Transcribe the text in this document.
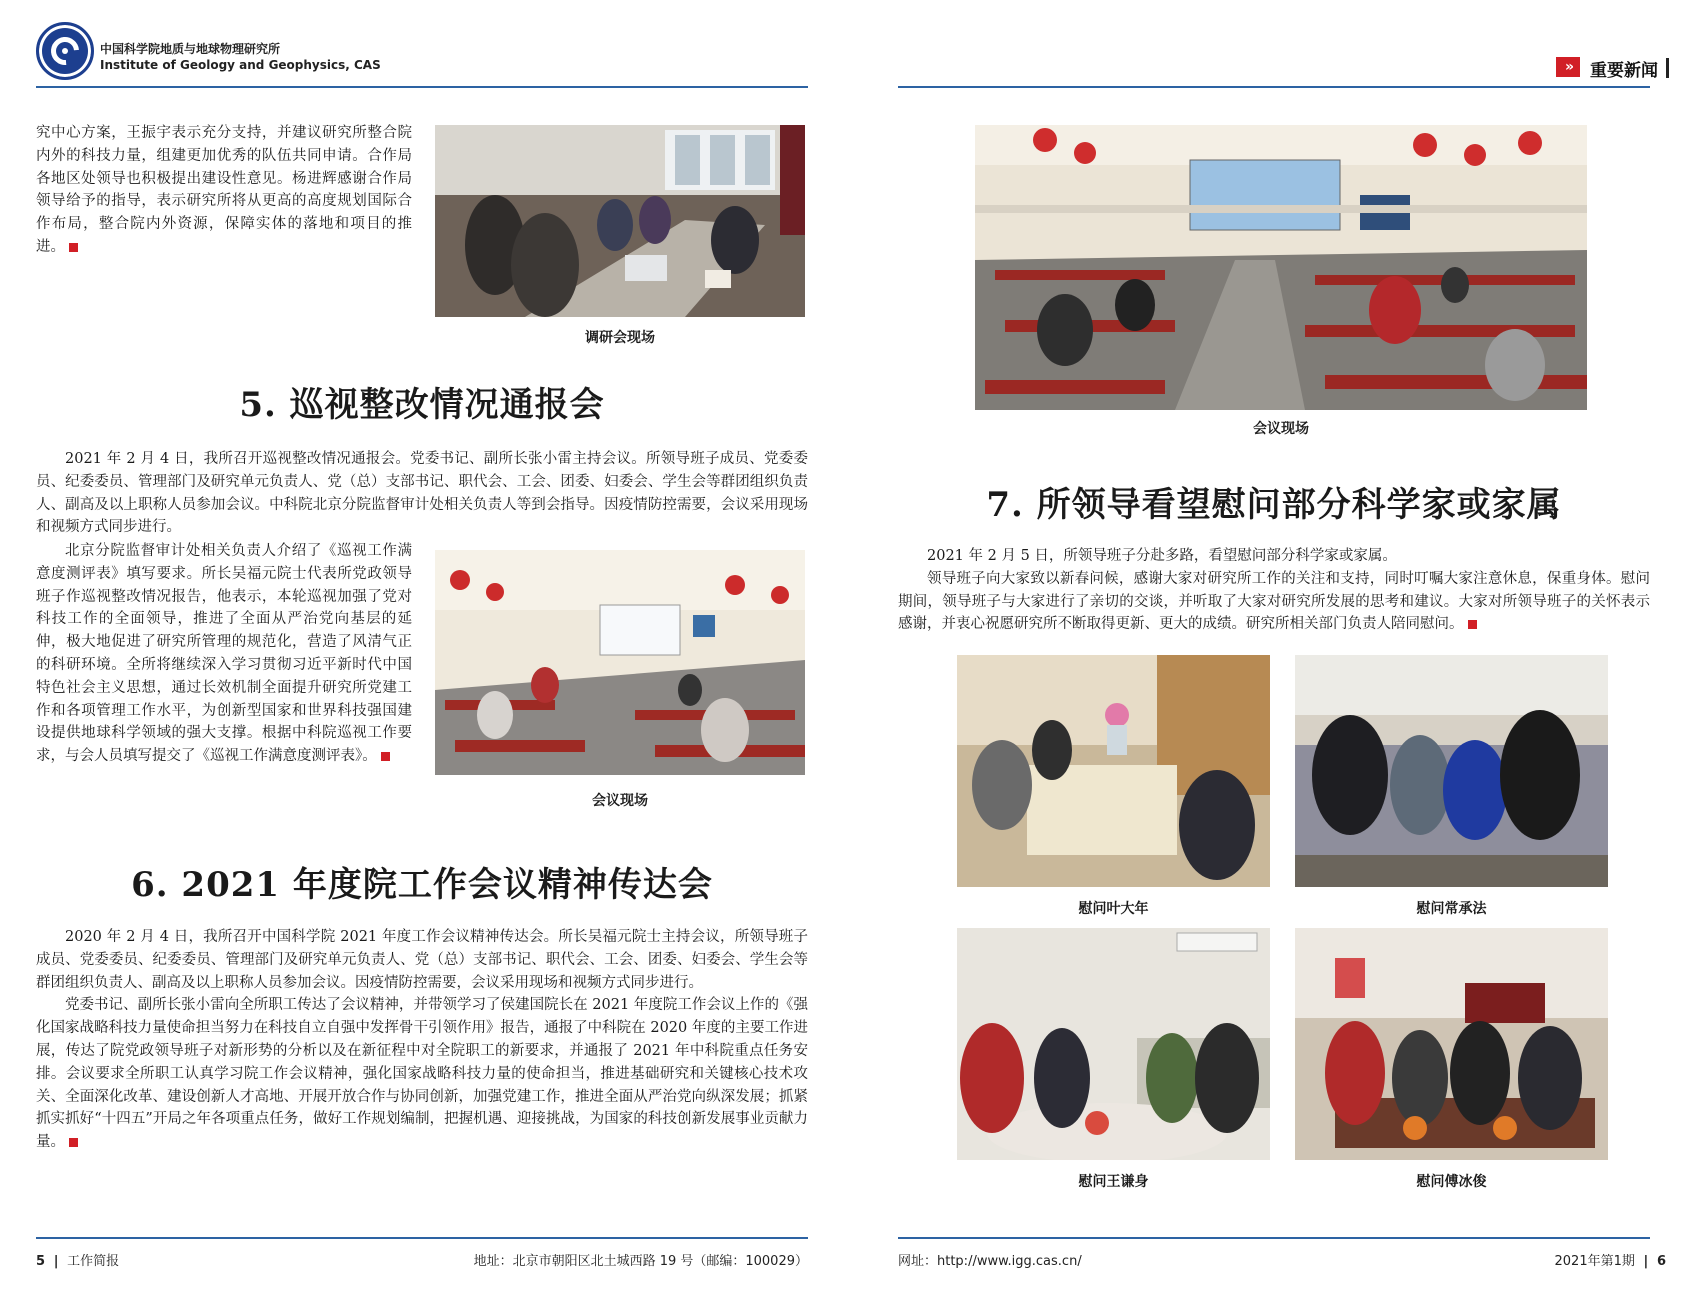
中国科学院地质与地球物理研究所
Institute of Geology and Geophysics, CAS

究中心方案，王振宇表示充分支持，并建议研究所整合院内外的科技力量，组建更加优秀的队伍共同申请。合作局各地区处领导也积极提出建设性意见。杨进辉感谢合作局领导给予的指导，表示研究所将从更高的高度规划国际合作布局，整合院内外资源，保障实体的落地和项目的推进。

调研会现场
5. 巡视整改情况通报会

2021 年 2 月 4 日，我所召开巡视整改情况通报会。党委书记、副所长张小雷主持会议。所领导班子成员、党委委员、纪委委员、管理部门及研究单元负责人、党（总）支部书记、职代会、工会、团委、妇委会、学生会等群团组织负责人、副高及以上职称人员参加会议。中科院北京分院监督审计处相关负责人等到会指导。因疫情防控需要，会议采用现场和视频方式同步进行。

北京分院监督审计处相关负责人介绍了《巡视工作满意度测评表》填写要求。所长吴福元院士代表所党政领导班子作巡视整改情况报告，他表示，本轮巡视加强了党对科技工作的全面领导，推进了全面从严治党向基层的延伸，极大地促进了研究所管理的规范化，营造了风清气正的科研环境。全所将继续深入学习贯彻习近平新时代中国特色社会主义思想，通过长效机制全面提升研究所党建工作和各项管理工作水平，为创新型国家和世界科技强国建设提供地球科学领域的强大支撑。根据中科院巡视工作要求，与会人员填写提交了《巡视工作满意度测评表》。

会议现场
6. 2021 年度院工作会议精神传达会

2020 年 2 月 4 日，我所召开中国科学院 2021 年度工作会议精神传达会。所长吴福元院士主持会议，所领导班子成员、党委委员、纪委委员、管理部门及研究单元负责人、党（总）支部书记、职代会、工会、团委、妇委会、学生会等群团组织负责人、副高及以上职称人员参加会议。因疫情防控需要，会议采用现场和视频方式同步进行。

党委书记、副所长张小雷向全所职工传达了会议精神，并带领学习了侯建国院长在 2021 年度院工作会议上作的《强化国家战略科技力量使命担当努力在科技自立自强中发挥骨干引领作用》报告，通报了中科院在 2020 年度的主要工作进展，传达了院党政领导班子对新形势的分析以及在新征程中对全院职工的新要求，并通报了 2021 年中科院重点任务安排。会议要求全所职工认真学习院工作会议精神，强化国家战略科技力量的使命担当，推进基础研究和关键核心技术攻关、全面深化改革、建设创新人才高地、开展开放合作与协同创新，加强党建工作，推进全面从严治党向纵深发展；抓紧抓实抓好“十四五”开局之年各项重点任务，做好工作规划编制，把握机遇、迎接挑战，为国家的科技创新发展事业贡献力量。

5  |  工作简报	地址：北京市朝阳区北土城西路 19 号（邮编：100029）
»	重要新闻
会议现场
7. 所领导看望慰问部分科学家或家属

2021 年 2 月 5 日，所领导班子分赴多路，看望慰问部分科学家或家属。

领导班子向大家致以新春问候，感谢大家对研究所工作的关注和支持，同时叮嘱大家注意休息，保重身体。慰问期间，领导班子与大家进行了亲切的交谈，并听取了大家对研究所发展的思考和建议。大家对所领导班子的关怀表示感谢，并衷心祝愿研究所不断取得更新、更大的成绩。研究所相关部门负责人陪同慰问。

慰问叶大年	慰问常承法
慰问王谦身	慰问傅冰俊
网址：http://www.igg.cas.cn/	2021年第1期  |  6
